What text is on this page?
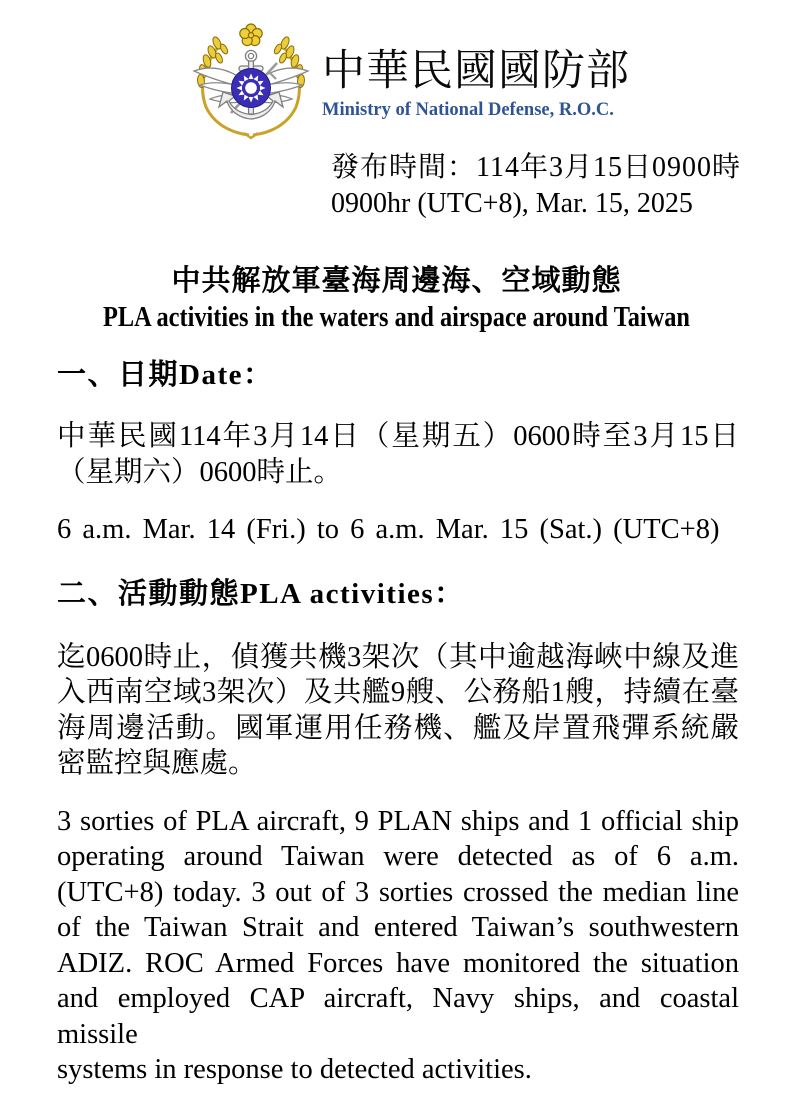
中華民國國防部
Ministry of National Defense, R.O.C.
發布時間：114年3月15日0900時
0900hr (UTC+8), Mar. 15, 2025
中共解放軍臺海周邊海、空域動態
PLA activities in the waters and airspace around Taiwan
一、日期Date：
中華民國114年3月14日（星期五）0600時至3月15日
（星期六）0600時止。
6 a.m. Mar. 14 (Fri.) to 6 a.m. Mar. 15 (Sat.) (UTC+8)
二、活動動態PLA activities：
迄0600時止，偵獲共機3架次（其中逾越海峽中線及進
入西南空域3架次）及共艦9艘、公務船1艘，持續在臺
海周邊活動。國軍運用任務機、艦及岸置飛彈系統嚴
密監控與應處。
3 sorties of PLA aircraft, 9 PLAN ships and 1 official ship
operating around Taiwan were detected as of 6 a.m.
(UTC+8) today. 3 out of 3 sorties crossed the median line
of the Taiwan Strait and entered Taiwan’s southwestern
ADIZ. ROC Armed Forces have monitored the situation
and employed CAP aircraft, Navy ships, and coastal missile
systems in response to detected activities.
